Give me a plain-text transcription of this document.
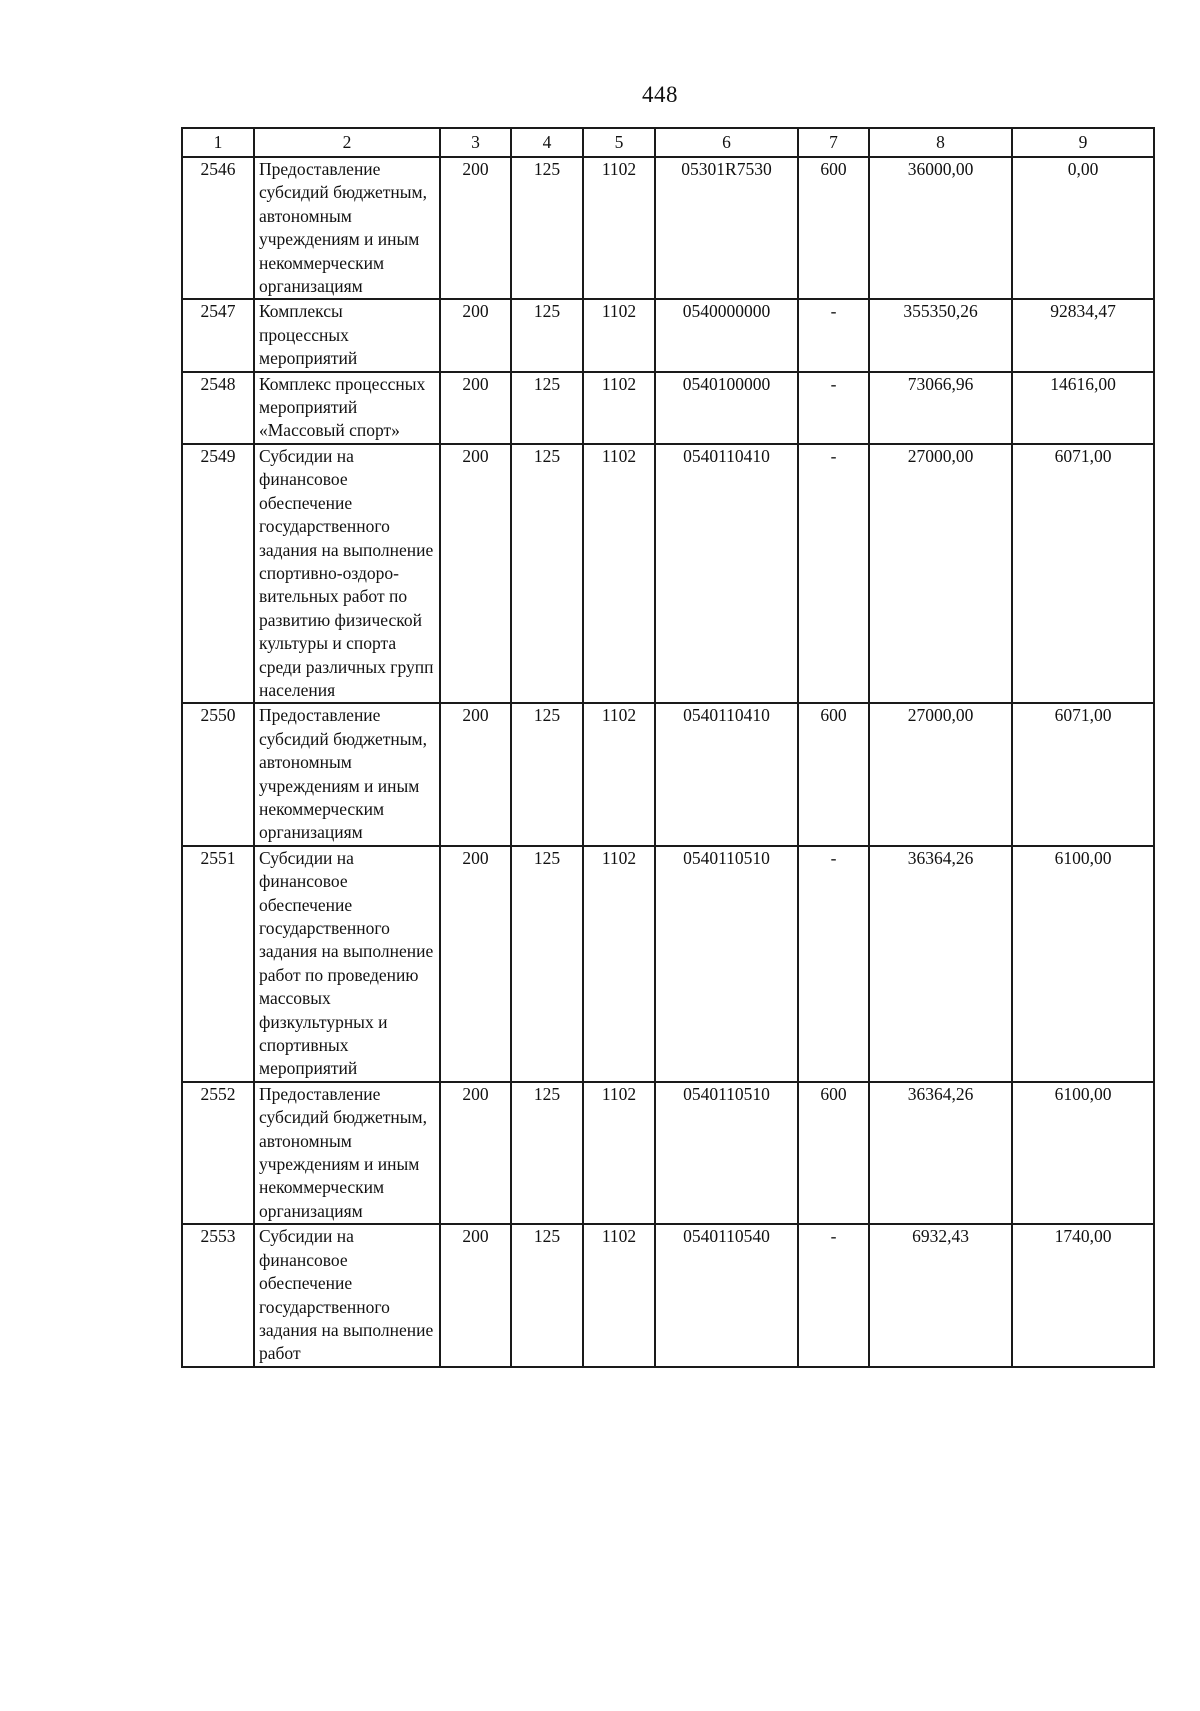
448
1	2	3	4	5	6	7	8	9
2546	Предоставление субсидий бюджетным, автономным учреждениям и иным некоммерческим организациям	200	125	1102	05301R7530	600	36000,00	0,00
2547	Комплексы процессных мероприятий	200	125	1102	0540000000	-	355350,26	92834,47
2548	Комплекс процессных мероприятий «Массовый спорт»	200	125	1102	0540100000	-	73066,96	14616,00
2549	Субсидии на финансовое обеспечение государственного задания на выполнение спортивно-оздоро-вительных работ по развитию физической культуры и спорта среди различных групп населения	200	125	1102	0540110410	-	27000,00	6071,00
2550	Предоставление субсидий бюджетным, автономным учреждениям и иным некоммерческим организациям	200	125	1102	0540110410	600	27000,00	6071,00
2551	Субсидии на финансовое обеспечение государственного задания на выполнение работ по проведению массовых физкультурных и спортивных мероприятий	200	125	1102	0540110510	-	36364,26	6100,00
2552	Предоставление субсидий бюджетным, автономным учреждениям и иным некоммерческим организациям	200	125	1102	0540110510	600	36364,26	6100,00
2553	Субсидии на финансовое обеспечение государственного задания на выполнение работ	200	125	1102	0540110540	-	6932,43	1740,00
